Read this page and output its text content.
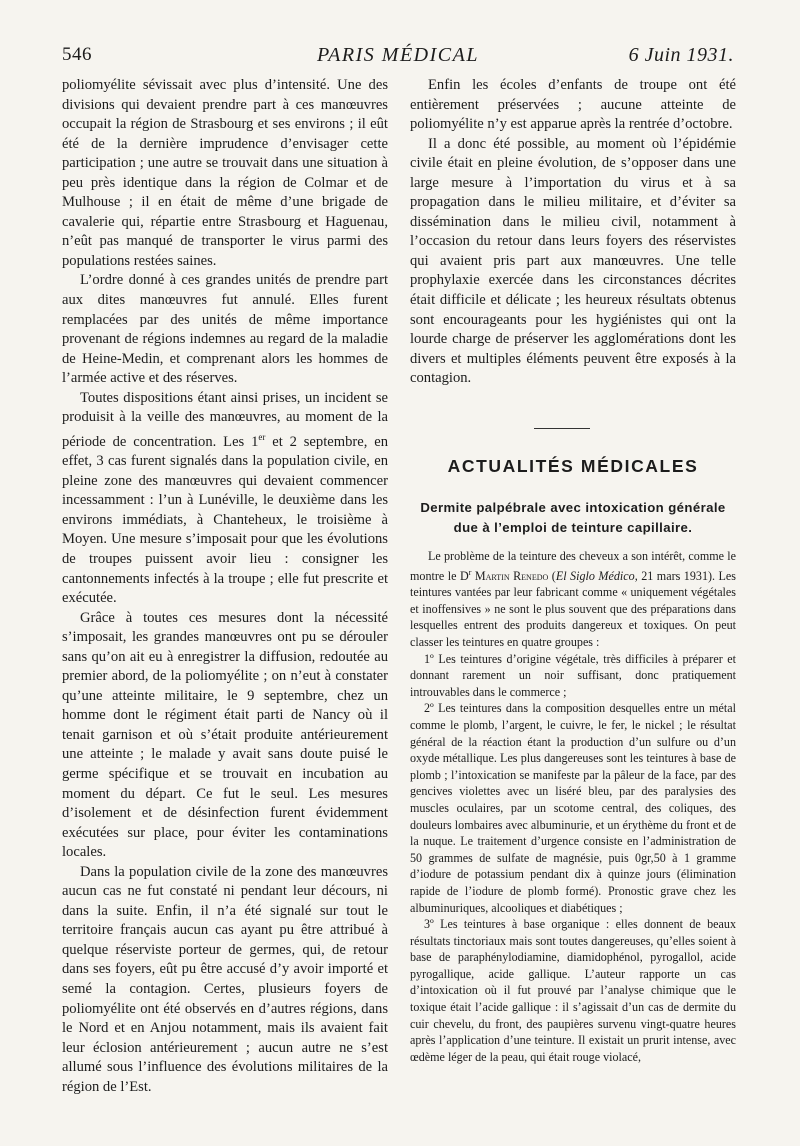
546	PARIS MÉDICAL	6 Juin 1931.

poliomyélite sévissait avec plus d’intensité. Une des divisions qui devaient prendre part à ces manœuvres occupait la région de Strasbourg et ses environs ; il eût été de la dernière imprudence d’envisager cette participation ; une autre se trouvait dans une situation à peu près identique dans la région de Colmar et de Mulhouse ; il en était de même d’une brigade de cavalerie qui, répartie entre Strasbourg et Haguenau, n’eût pas manqué de transporter le virus parmi des populations restées saines.

L’ordre donné à ces grandes unités de prendre part aux dites manœuvres fut annulé. Elles furent remplacées par des unités de même importance provenant de régions indemnes au regard de la maladie de Heine-Medin, et comprenant alors les hommes de l’armée active et des réserves.

Toutes dispositions étant ainsi prises, un incident se produisit à la veille des manœuvres, au moment de la période de concentration. Les 1er et 2 septembre, en effet, 3 cas furent signalés dans la population civile, en pleine zone des manœuvres qui devaient commencer incessamment : l’un à Lunéville, le deuxième dans les environs immédiats, à Chanteheux, le troisième à Moyen. Une mesure s’imposait pour que les évolutions de troupes puissent avoir lieu : consigner les cantonnements infectés à la troupe ; elle fut prescrite et exécutée.

Grâce à toutes ces mesures dont la nécessité s’imposait, les grandes manœuvres ont pu se dérouler sans qu’on ait eu à enregistrer la diffusion, redoutée au premier abord, de la poliomyélite ; on n’eut à constater qu’une atteinte militaire, le 9 septembre, chez un homme dont le régiment était parti de Nancy où il tenait garnison et où s’était produite antérieurement une atteinte ; le malade y avait sans doute puisé le germe spécifique et se trouvait en incubation au moment du départ. Ce fut le seul. Les mesures d’isolement et de désinfection furent évidemment exécutées sur place, pour éviter les contaminations locales.

Dans la population civile de la zone des manœuvres aucun cas ne fut constaté ni pendant leur décours, ni dans la suite. Enfin, il n’a été signalé sur tout le territoire français aucun cas ayant pu être attribué à quelque réserviste porteur de germes, qui, de retour dans ses foyers, eût pu être accusé d’y avoir importé et semé la contagion. Certes, plusieurs foyers de poliomyélite ont été observés en d’autres régions, dans le Nord et en Anjou notamment, mais ils avaient fait leur éclosion antérieurement ; aucun autre ne s’est allumé sous l’influence des évolutions militaires de la région de l’Est.

Enfin les écoles d’enfants de troupe ont été entièrement préservées ; aucune atteinte de poliomyélite n’y est apparue après la rentrée d’octobre.

Il a donc été possible, au moment où l’épidémie civile était en pleine évolution, de s’opposer dans une large mesure à l’importation du virus et à sa propagation dans le milieu militaire, et d’éviter sa dissémination dans le milieu civil, notamment à l’occasion du retour dans leurs foyers des réservistes qui avaient pris part aux manœuvres. Une telle prophylaxie exercée dans les circonstances décrites était difficile et délicate ; les heureux résultats obtenus sont encourageants pour les hygiénistes qui ont la lourde charge de préserver les agglomérations dont les divers et multiples éléments peuvent être exposés à la contagion.

ACTUALITÉS MÉDICALES
Dermite palpébrale avec intoxication générale due à l’emploi de teinture capillaire.

Le problème de la teinture des cheveux a son intérêt, comme le montre le $D^r$ Martin Renedo (El Siglo Médico, 21 mars 1931). Les teintures vantées par leur fabricant comme « uniquement végétales et inoffensives » ne sont le plus souvent que des préparations dans lesquelles entrent des produits dangereux et toxiques. On peut classer les teintures en quatre groupes :

1º Les teintures d’origine végétale, très difficiles à préparer et donnant rarement un noir suffisant, donc pratiquement introuvables dans le commerce ;

2º Les teintures dans la composition desquelles entre un métal comme le plomb, l’argent, le cuivre, le fer, le nickel ; le résultat général de la réaction étant la production d’un sulfure ou d’un oxyde métallique. Les plus dangereuses sont les teintures à base de plomb ; l’intoxication se manifeste par la pâleur de la face, par des gencives violettes avec un liséré bleu, par des paralysies des muscles oculaires, par un scotome central, des coliques, des douleurs lombaires avec albuminurie, et un érythème du front et de la nuque. Le traitement d’urgence consiste en l’administration de 50 grammes de sulfate de magnésie, puis 0gr,50 à 1 gramme d’iodure de potassium pendant dix à quinze jours (élimination rapide de l’iodure de plomb formé). Pronostic grave chez les albuminuriques, alcooliques et diabétiques ;

3º Les teintures à base organique : elles donnent de beaux résultats tinctoriaux mais sont toutes dangereuses, qu’elles soient à base de paraphénylodiamine, diamidophénol, pyrogallol, acide pyrogallique, acide gallique. L’auteur rapporte un cas d’intoxication où il fut prouvé par l’analyse chimique que le toxique était l’acide gallique : il s’agissait d’un cas de dermite du cuir chevelu, du front, des paupières survenu vingt-quatre heures après l’application d’une teinture. Il existait un prurit intense, avec œdème léger de la peau, qui était rouge violacé,
